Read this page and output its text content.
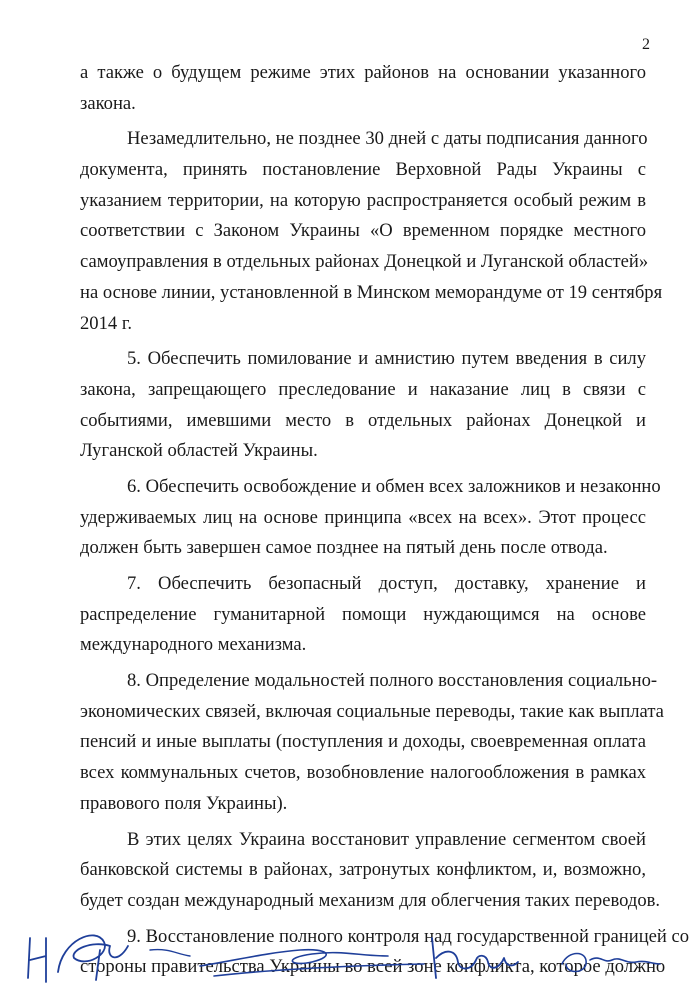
2
а также о будущем режиме этих районов на основании указанного
закона.
Незамедлительно, не позднее 30 дней с даты подписания данного
документа, принять постановление Верховной Рады Украины с
указанием территории, на которую распространяется особый режим в
соответствии с Законом Украины «О временном порядке местного
самоуправления в отдельных районах Донецкой и Луганской областей»
на основе линии, установленной в Минском меморандуме от 19 сентября
2014 г.
5. Обеспечить помилование и амнистию путем введения в силу
закона, запрещающего преследование и наказание лиц в связи с
событиями, имевшими место в отдельных районах Донецкой и
Луганской областей Украины.
6. Обеспечить освобождение и обмен всех заложников и незаконно
удерживаемых лиц на основе принципа «всех на всех». Этот процесс
должен быть завершен самое позднее на пятый день после отвода.
7. Обеспечить безопасный доступ, доставку, хранение и
распределение гуманитарной помощи нуждающимся на основе
международного механизма.
8. Определение модальностей полного восстановления социально-
экономических связей, включая социальные переводы, такие как выплата
пенсий и иные выплаты (поступления и доходы, своевременная оплата
всех коммунальных счетов, возобновление налогообложения в рамках
правового поля Украины).
В этих целях Украина восстановит управление сегментом своей
банковской системы в районах, затронутых конфликтом, и, возможно,
будет создан международный механизм для облегчения таких переводов.
9. Восстановление полного контроля над государственной границей со
стороны правительства Украины во всей зоне конфликта, которое должно
